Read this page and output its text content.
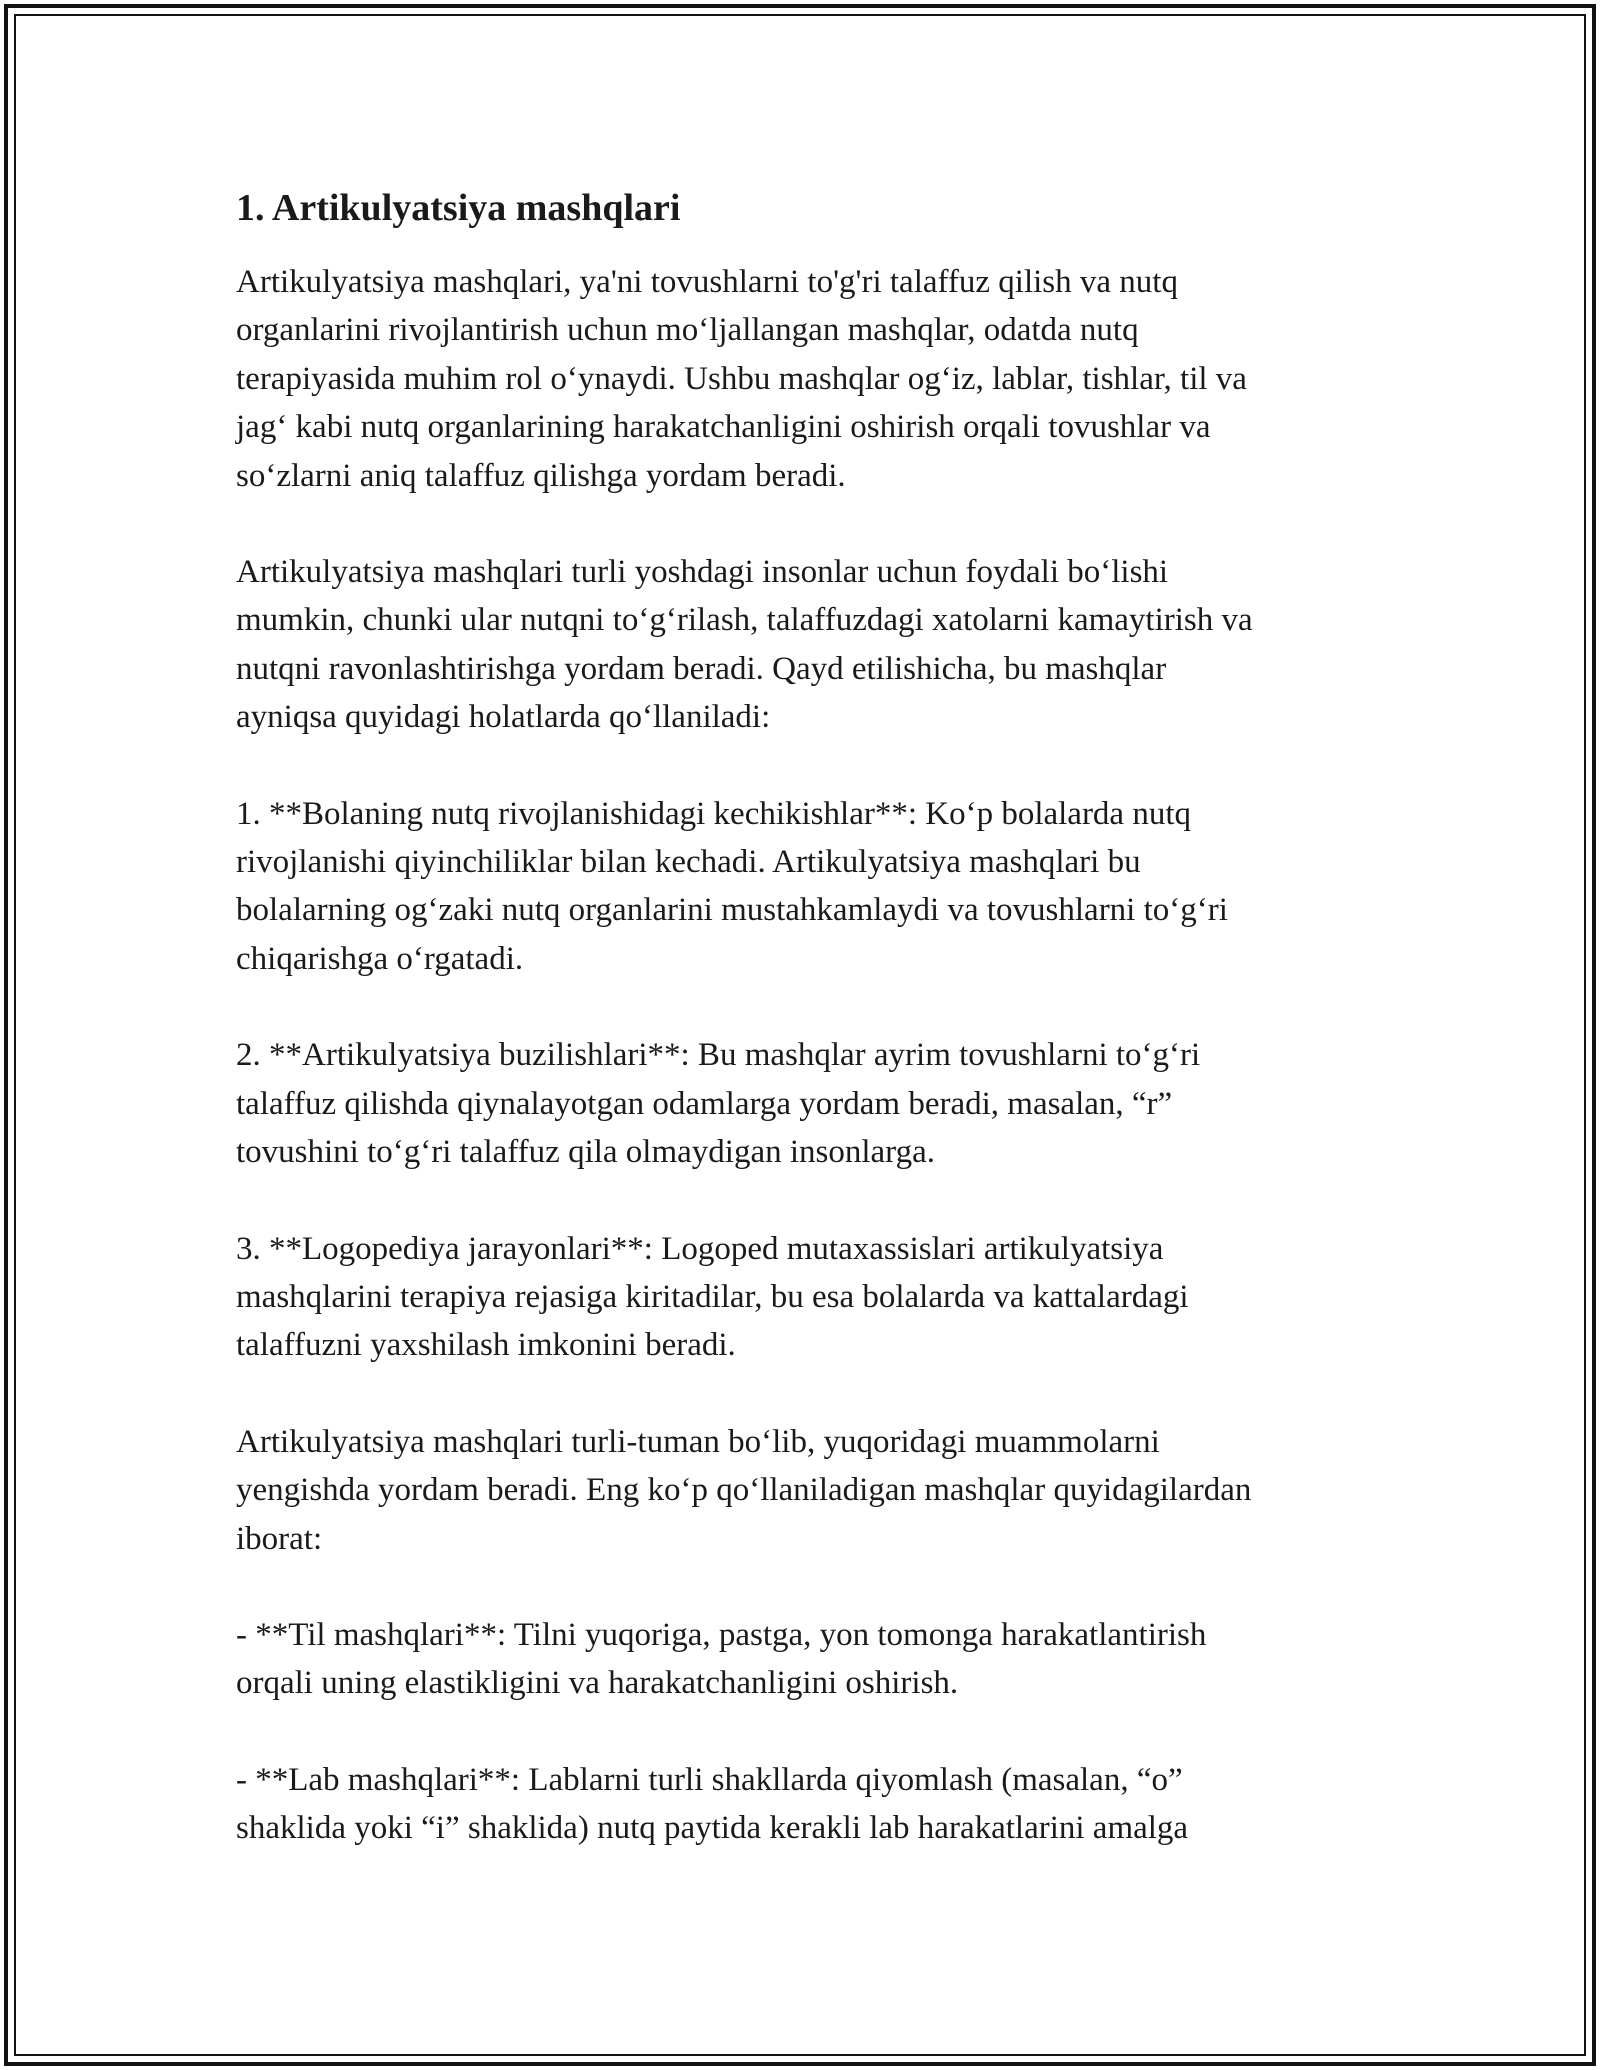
1. Artikulyatsiya mashqlari
Artikulyatsiya mashqlari, ya'ni tovushlarni to'g'ri talaffuz qilish va nutq
organlarini rivojlantirish uchun mo‘ljallangan mashqlar, odatda nutq
terapiyasida muhim rol o‘ynaydi. Ushbu mashqlar og‘iz, lablar, tishlar, til va
jag‘ kabi nutq organlarining harakatchanligini oshirish orqali tovushlar va
so‘zlarni aniq talaffuz qilishga yordam beradi.
Artikulyatsiya mashqlari turli yoshdagi insonlar uchun foydali bo‘lishi
mumkin, chunki ular nutqni to‘g‘rilash, talaffuzdagi xatolarni kamaytirish va
nutqni ravonlashtirishga yordam beradi. Qayd etilishicha, bu mashqlar
ayniqsa quyidagi holatlarda qo‘llaniladi:
1. **Bolaning nutq rivojlanishidagi kechikishlar**: Ko‘p bolalarda nutq
rivojlanishi qiyinchiliklar bilan kechadi. Artikulyatsiya mashqlari bu
bolalarning og‘zaki nutq organlarini mustahkamlaydi va tovushlarni to‘g‘ri
chiqarishga o‘rgatadi.
2. **Artikulyatsiya buzilishlari**: Bu mashqlar ayrim tovushlarni to‘g‘ri
talaffuz qilishda qiynalayotgan odamlarga yordam beradi, masalan, “r”
tovushini to‘g‘ri talaffuz qila olmaydigan insonlarga.
3. **Logopediya jarayonlari**: Logoped mutaxassislari artikulyatsiya
mashqlarini terapiya rejasiga kiritadilar, bu esa bolalarda va kattalardagi
talaffuzni yaxshilash imkonini beradi.
Artikulyatsiya mashqlari turli-tuman bo‘lib, yuqoridagi muammolarni
yengishda yordam beradi. Eng ko‘p qo‘llaniladigan mashqlar quyidagilardan
iborat:
- **Til mashqlari**: Tilni yuqoriga, pastga, yon tomonga harakatlantirish
orqali uning elastikligini va harakatchanligini oshirish.
- **Lab mashqlari**: Lablarni turli shakllarda qiyomlash (masalan, “o”
shaklida yoki “i” shaklida) nutq paytida kerakli lab harakatlarini amalga
